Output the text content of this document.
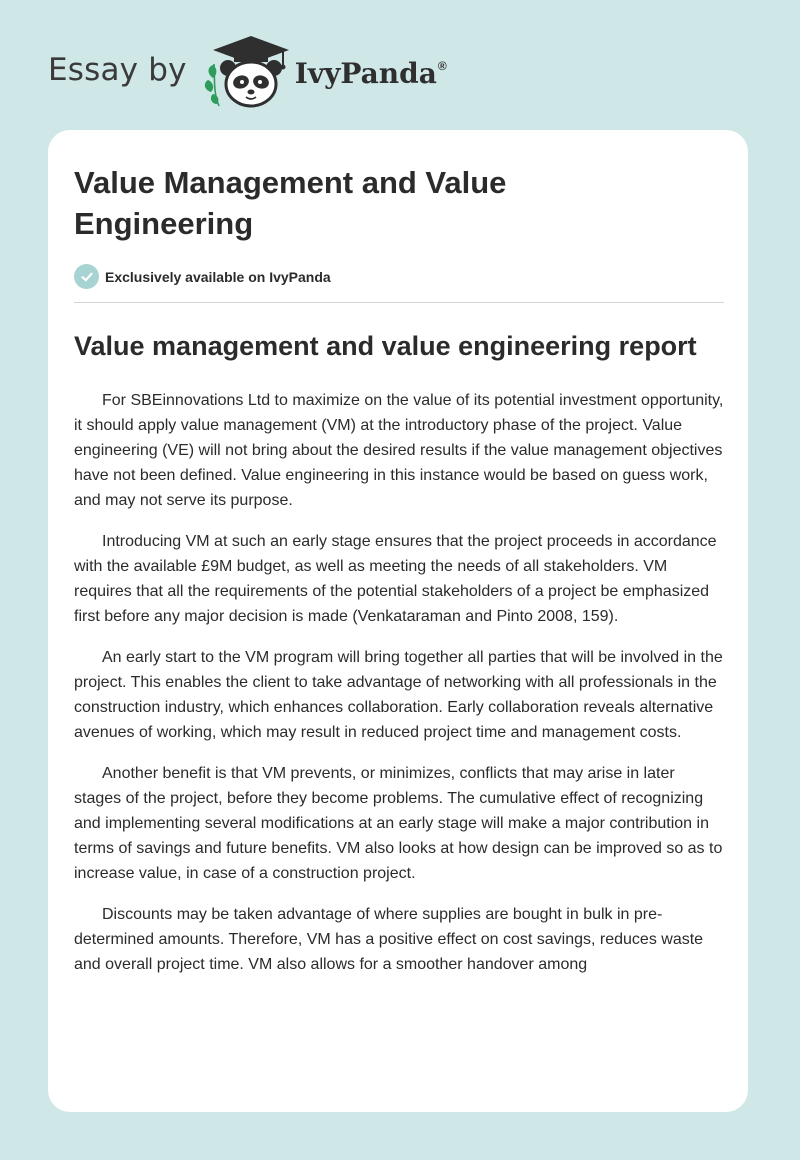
Essay by	IvyPanda®
Value Management and Value Engineering
Exclusively available on IvyPanda
Value management and value engineering report

For SBEinnovations Ltd to maximize on the value of its potential investment opportunity, it should apply value management (VM) at the introductory phase of the project. Value engineering (VE) will not bring about the desired results if the value management objectives have not been defined. Value engineering in this instance would be based on guess work, and may not serve its purpose.

Introducing VM at such an early stage ensures that the project proceeds in accordance with the available £9M budget, as well as meeting the needs of all stakeholders. VM requires that all the requirements of the potential stakeholders of a project be emphasized first before any major decision is made (Venkataraman and Pinto 2008, 159).

An early start to the VM program will bring together all parties that will be involved in the project. This enables the client to take advantage of networking with all professionals in the construction industry, which enhances collaboration. Early collaboration reveals alternative avenues of working, which may result in reduced project time and management costs.

Another benefit is that VM prevents, or minimizes, conflicts that may arise in later stages of the project, before they become problems. The cumulative effect of recognizing and implementing several modifications at an early stage will make a major contribution in terms of savings and future benefits. VM also looks at how design can be improved so as to increase value, in case of a construction project.

Discounts may be taken advantage of where supplies are bought in bulk in pre-determined amounts. Therefore, VM has a positive effect on cost savings, reduces waste and overall project time. VM also allows for a smoother handover among
